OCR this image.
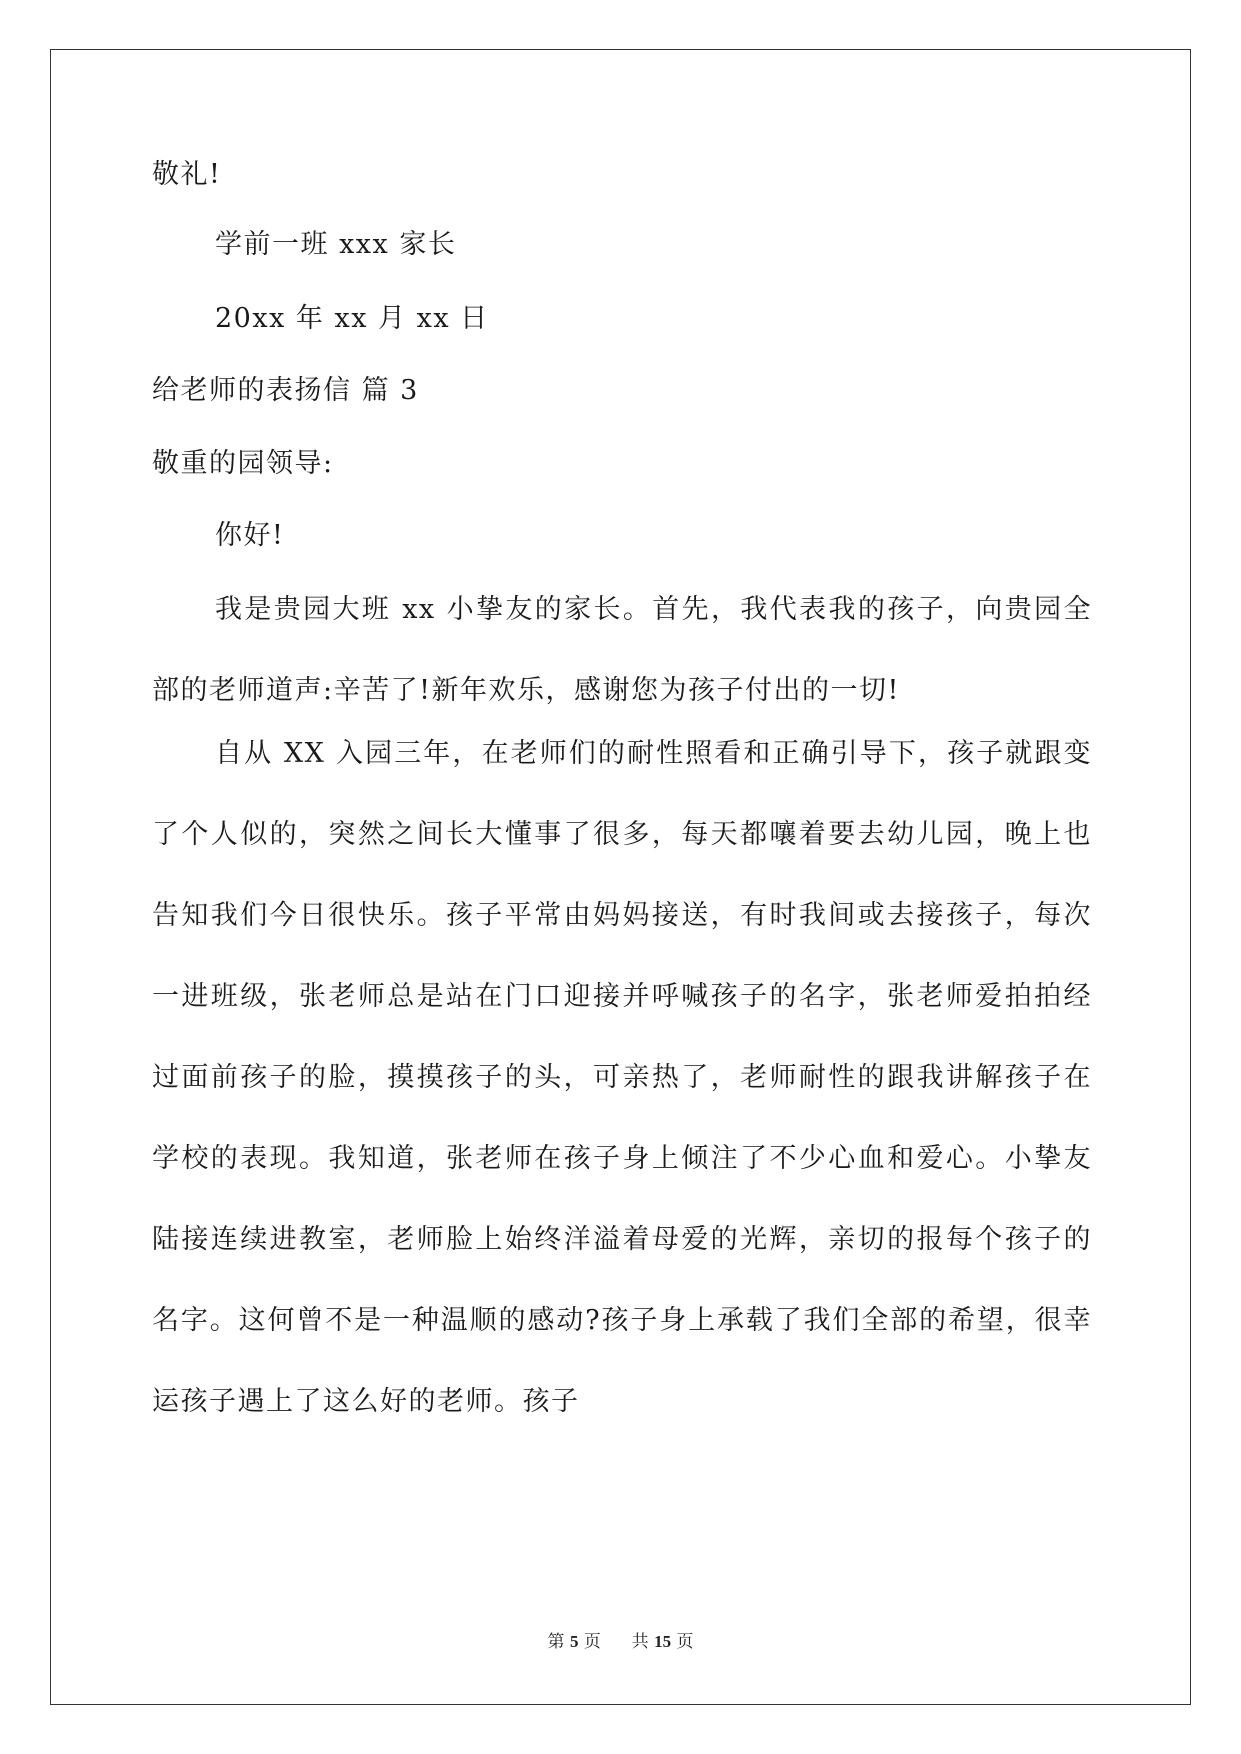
敬礼!
学前一班 xxx 家长
20xx 年 xx 月 xx 日
给老师的表扬信 篇 3
敬重的园领导:
你好!

我是贵园大班 xx 小挚友的家长。首先，我代表我的孩子，向贵园全部的老师道声:辛苦了!新年欢乐，感谢您为孩子付出的一切!

自从 XX 入园三年，在老师们的耐性照看和正确引导下，孩子就跟变了个人似的，突然之间长大懂事了很多，每天都嚷着要去幼儿园，晚上也告知我们今日很快乐。孩子平常由妈妈接送，有时我间或去接孩子，每次一进班级，张老师总是站在门口迎接并呼喊孩子的名字，张老师爱拍拍经过面前孩子的脸，摸摸孩子的头，可亲热了，老师耐性的跟我讲解孩子在学校的表现。我知道，张老师在孩子身上倾注了不少心血和爱心。小挚友陆接连续进教室，老师脸上始终洋溢着母爱的光辉，亲切的报每个孩子的名字。这何曾不是一种温顺的感动?孩子身上承载了我们全部的希望，很幸运孩子遇上了这么好的老师。孩子

第 5 页 共 15 页
